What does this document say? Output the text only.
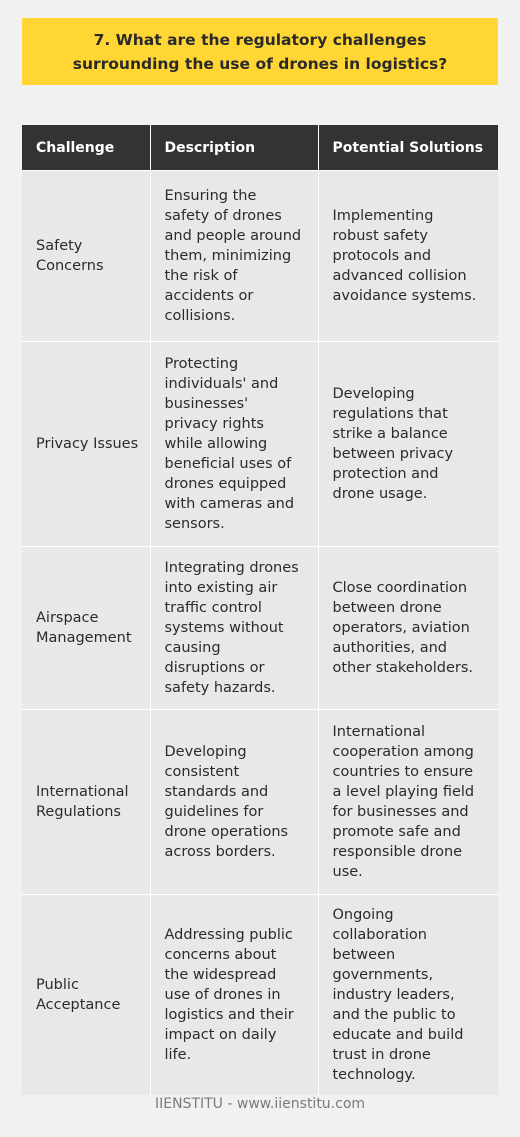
7. What are the regulatory challenges surrounding the use of drones in logistics?
Challenge	Description	Potential Solutions
Safety Concerns	Ensuring the safety of drones and people around them, minimizing the risk of accidents or collisions.	Implementing robust safety protocols and advanced collision avoidance systems.
Privacy Issues	Protecting individuals' and businesses' privacy rights while allowing beneficial uses of drones equipped with cameras and sensors.	Developing regulations that strike a balance between privacy protection and drone usage.
Airspace Management	Integrating drones into existing air traffic control systems without causing disruptions or safety hazards.	Close coordination between drone operators, aviation authorities, and other stakeholders.
International Regulations	Developing consistent standards and guidelines for drone operations across borders.	International cooperation among countries to ensure a level playing field for businesses and promote safe and responsible drone use.
Public Acceptance	Addressing public concerns about the widespread use of drones in logistics and their impact on daily life.	Ongoing collaboration between governments, industry leaders, and the public to educate and build trust in drone technology.
IIENSTITU - www.iienstitu.com
